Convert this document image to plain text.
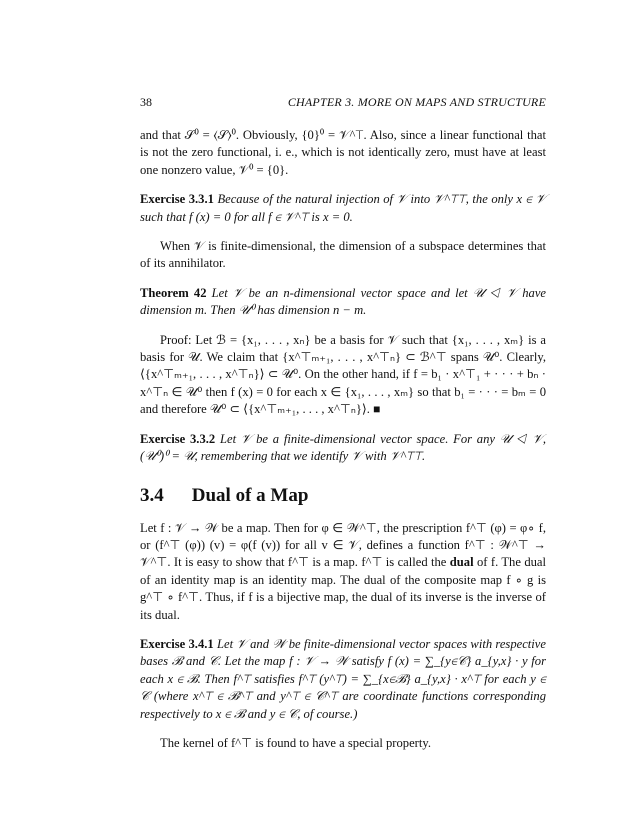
38	CHAPTER 3. MORE ON MAPS AND STRUCTURE

and that 𝒮⁰ = ⟨𝒮⟩⁰. Obviously, {0}⁰ = 𝒱^⊤. Also, since a linear functional that is not the zero functional, i. e., which is not identically zero, must have at least one nonzero value, 𝒱⁰ = {0}.

Exercise 3.3.1 Because of the natural injection of 𝒱 into 𝒱^⊤⊤, the only x ∈ 𝒱 such that f (x) = 0 for all f ∈ 𝒱^⊤ is x = 0.

When 𝒱 is finite-dimensional, the dimension of a subspace determines that of its annihilator.

Theorem 42 Let 𝒱 be an n-dimensional vector space and let 𝒰 ◁ 𝒱 have dimension m. Then 𝒰⁰ has dimension n − m.

Proof: Let ℬ = {x₁, . . . , xₙ} be a basis for 𝒱 such that {x₁, . . . , xₘ} is a basis for 𝒰. We claim that {x^⊤ₘ₊₁, . . . , x^⊤ₙ} ⊂ ℬ^⊤ spans 𝒰⁰. Clearly, ⟨{x^⊤ₘ₊₁, . . . , x^⊤ₙ}⟩ ⊂ 𝒰⁰. On the other hand, if f = b₁ · x^⊤₁ + · · · + bₙ · x^⊤ₙ ∈ 𝒰⁰ then f (x) = 0 for each x ∈ {x₁, . . . , xₘ} so that b₁ = · · · = bₘ = 0 and therefore 𝒰⁰ ⊂ ⟨{x^⊤ₘ₊₁, . . . , x^⊤ₙ}⟩. ■

Exercise 3.3.2 Let 𝒱 be a finite-dimensional vector space. For any 𝒰 ◁ 𝒱, (𝒰⁰)⁰ = 𝒰, remembering that we identify 𝒱 with 𝒱^⊤⊤.

3.4 Dual of a Map

Let f : 𝒱 → 𝒲 be a map. Then for φ ∈ 𝒲^⊤, the prescription f^⊤ (φ) = φ∘ f, or (f^⊤ (φ)) (v) = φ(f (v)) for all v ∈ 𝒱, defines a function f^⊤ : 𝒲^⊤ → 𝒱^⊤. It is easy to show that f^⊤ is a map. f^⊤ is called the dual of f. The dual of an identity map is an identity map. The dual of the composite map f ∘ g is g^⊤ ∘ f^⊤. Thus, if f is a bijective map, the dual of its inverse is the inverse of its dual.

Exercise 3.4.1 Let 𝒱 and 𝒲 be finite-dimensional vector spaces with respective bases ℬ and 𝒞. Let the map f : 𝒱 → 𝒲 satisfy f (x) = ∑_{y∈𝒞} a_{y,x} · y for each x ∈ ℬ. Then f^⊤ satisfies f^⊤ (y^⊤) = ∑_{x∈ℬ} a_{y,x} · x^⊤ for each y ∈ 𝒞 (where x^⊤ ∈ ℬ^⊤ and y^⊤ ∈ 𝒞^⊤ are coordinate functions corresponding respectively to x ∈ ℬ and y ∈ 𝒞, of course.)

The kernel of f^⊤ is found to have a special property.
